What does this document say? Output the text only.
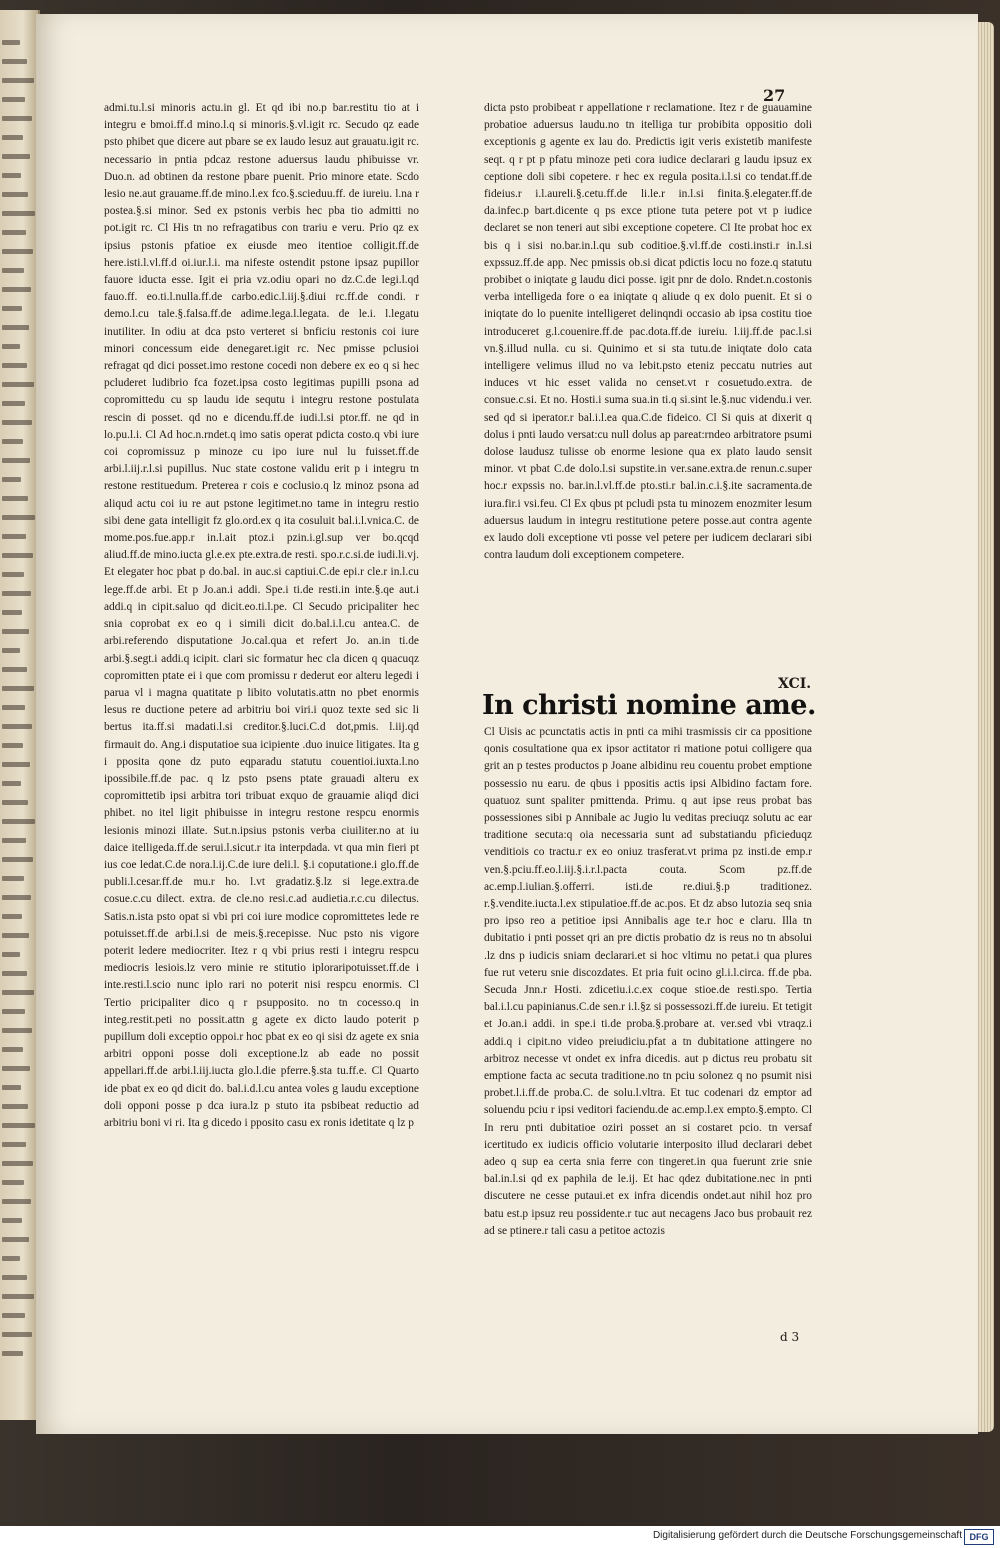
27

admi.tu.l.si minoris actu.in gl. Et qd ibi no.p bar.restitu tio at i integru e bmoi.ff.d mino.l.q si minoris.§.vl.igit rc. Secudo qz eade psto phibet que dicere aut pbare se ex laudo lesuz aut grauatu.igit rc. necessario in pntia pdcaz restone aduersus laudu phibuisse vr. Duo.n. ad obtinen da restone pbare puenit. Prio minore etate. Scdo lesio ne.aut grauame.ff.de mino.l.ex fco.§.scieduu.ff. de iureiu. l.na r postea.§.si minor. Sed ex pstonis verbis hec pba tio admitti no pot.igit rc. Cl His tn no refragatibus con trariu e veru. Prio qz ex ipsius pstonis pfatioe ex eiusde meo itentioe colligit.ff.de here.isti.l.vl.ff.d oi.iur.l.i. ma nifeste ostendit pstone ipsaz pupillor fauore iducta esse. Igit ei pria vz.odiu opari no dz.C.de legi.l.qd fauo.ff. eo.ti.l.nulla.ff.de carbo.edic.l.iij.§.diui rc.ff.de condi. r demo.l.cu tale.§.falsa.ff.de adime.lega.l.legata. de le.i. l.legatu inutiliter. In odiu at dca psto verteret si bnficiu restonis coi iure minori concessum eide denegaret.igit rc. Nec pmisse pclusioi refragat qd dici posset.imo restone cocedi non debere ex eo q si hec pcluderet ludibrio fca fozet.ipsa costo legitimas pupilli psona ad copromittedu cu sp laudu ide sequtu i integru restone postulata rescin di posset. qd no e dicendu.ff.de iudi.l.si ptor.ff. ne qd in lo.pu.l.i. Cl Ad hoc.n.rndet.q imo satis operat pdicta costo.q vbi iure coi copromissuz p minoze cu ipo iure nul lu fuisset.ff.de arbi.l.iij.r.l.si pupillus. Nuc state costone validu erit p i integru tn restone restituedum. Preterea r cois e coclusio.q lz minoz psona ad aliqud actu coi iu re aut pstone legitimet.no tame in integru restio sibi dene gata intelligit fz glo.ord.ex q ita cosuluit bal.i.l.vnica.C. de mome.pos.fue.app.r in.l.ait ptoz.i pzin.i.gl.sup ver bo.qcqd aliud.ff.de mino.iucta gl.e.ex pte.extra.de resti. spo.r.c.si.de iudi.li.vj. Et elegater hoc pbat p do.bal. in auc.si captiui.C.de epi.r cle.r in.l.cu lege.ff.de arbi. Et p Jo.an.i addi. Spe.i ti.de resti.in inte.§.qe aut.i addi.q in cipit.saluo qd dicit.eo.ti.l.pe. Cl Secudo pricipaliter hec snia coprobat ex eo q i simili dicit do.bal.i.l.cu antea.C. de arbi.referendo disputatione Jo.cal.qua et refert Jo. an.in ti.de arbi.§.segt.i addi.q icipit. clari sic formatur hec cla dicen q quacuqz copromitten ptate ei i que com promissu r dederut eor alteru legedi i parua vl i magna quatitate p libito volutatis.attn no pbet enormis lesus re ductione petere ad arbitriu boi viri.i quoz texte sed sic li bertus ita.ff.si madati.l.si creditor.§.luci.C.d dot,pmis. l.iij.qd firmauit do. Ang.i disputatioe sua icipiente .duo inuice litigates. Ita g i pposita qone dz puto eqparadu statutu couentioi.iuxta.l.no ipossibile.ff.de pac. q lz psto psens ptate grauadi alteru ex copromittetib ipsi arbitra tori tribuat exquo de grauamie aliqd dici phibet. no itel ligit phibuisse in integru restone respcu enormis lesionis minozi illate. Sut.n.ipsius pstonis verba ciuiliter.no at iu daice itelligeda.ff.de serui.l.sicut.r ita interpdada. vt qua min fieri pt ius coe ledat.C.de nora.l.ij.C.de iure deli.l. §.i coputatione.i glo.ff.de publi.l.cesar.ff.de mu.r ho. l.vt gradatiz.§.lz si lege.extra.de cosue.c.cu dilect. extra. de cle.no resi.c.ad audietia.r.c.cu dilectus. Satis.n.ista psto opat si vbi pri coi iure modice copromittetes lede re potuisset.ff.de arbi.l.si de meis.§.recepisse. Nuc psto nis vigore poterit ledere mediocriter. Itez r q vbi prius resti i integru respcu mediocris lesiois.lz vero minie re stitutio iploraripotuisset.ff.de i inte.resti.l.scio nunc iplo rari no poterit nisi respcu enormis. Cl Tertio pricipaliter dico q r psupposito. no tn cocesso.q in integ.restit.peti no possit.attn g agete ex dicto laudo poterit p pupillum doli exceptio oppoi.r hoc pbat ex eo qi sisi dz agete ex snia arbitri opponi posse doli exceptione.lz ab eade no possit appellari.ff.de arbi.l.iij.iucta glo.l.die pferre.§.sta tu.ff.e. Cl Quarto ide pbat ex eo qd dicit do. bal.i.d.l.cu antea voles g laudu exceptione doli opponi posse p dca iura.lz p stuto ita psbibeat reductio ad arbitriu boni vi ri. Ita g dicedo i pposito casu ex ronis idetitate q lz p

dicta psto probibeat r appellatione r reclamatione. Itez r de guauamine probatioe aduersus laudu.no tn itelliga tur probibita oppositio doli exceptionis g agente ex lau do. Predictis igit veris existetib manifeste seqt. q r pt p pfatu minoze peti cora iudice declarari g laudu ipsuz ex ceptione doli sibi copetere. r hec ex regula posita.i.l.si co tendat.ff.de fideius.r i.l.aureli.§.cetu.ff.de li.le.r in.l.si finita.§.elegater.ff.de da.infec.p bart.dicente q ps exce ptione tuta petere pot vt p iudice declaret se non teneri aut sibi exceptione copetere. Cl Ite probat hoc ex bis q i sisi no.bar.in.l.qu sub coditioe.§.vl.ff.de costi.insti.r in.l.si expssuz.ff.de app. Nec pmissis ob.si dicat pdictis locu no foze.q statutu probibet o iniqtate g laudu dici posse. igit pnr de dolo. Rndet.n.costonis verba intelligeda fore o ea iniqtate q aliude q ex dolo puenit. Et si o iniqtate do lo puenite intelligeret delinqndi occasio ab ipsa costitu tioe introduceret g.l.couenire.ff.de pac.dota.ff.de iureiu. l.iij.ff.de pac.l.si vn.§.illud nulla. cu si. Quinimo et si sta tutu.de iniqtate dolo cata intelligere velimus illud no va lebit.psto eteniz peccatu nutries aut induces vt hic esset valida no censet.vt r cosuetudo.extra. de consue.c.si. Et no. Hosti.i suma sua.in ti.q si.sint le.§.nuc videndu.i ver. sed qd si iperator.r bal.i.l.ea qua.C.de fideico. Cl Si quis at dixerit q dolus i pnti laudo versat:cu null dolus ap pareat:rndeo arbitratore psumi dolose laudusz tulisse ob enorme lesione qua ex plato laudo sensit minor. vt pbat C.de dolo.l.si supstite.in ver.sane.extra.de renun.c.super hoc.r expssis no. bar.in.l.vl.ff.de pto.sti.r bal.in.c.i.§.ite sacramenta.de iura.fir.i vsi.feu. Cl Ex qbus pt pcludi psta tu minozem enozmiter lesum aduersus laudum in integru restitutione petere posse.aut contra agente ex laudo doli exceptione vti posse vel petere per iudicem declarari sibi contra laudum doli exceptionem competere.

XCI.
In christi nomine ame.

Cl Uisis ac pcunctatis actis in pnti ca mihi trasmissis cir ca ppositione qonis cosultatione qua ex ipsor actitator ri matione potui colligere qua grit an p testes productos p Joane albidinu reu couentu probet emptione possessio nu earu. de qbus i ppositis actis ipsi Albidino factam fore. quatuoz sunt spaliter pmittenda. Primu. q aut ipse reus probat bas possessiones sibi p Annibale ac Jugio lu veditas preciuqz solutu ac ear traditione secuta:q oia necessaria sunt ad substatiandu pficieduqz venditiois co tractu.r ex eo oniuz trasferat.vt prima pz insti.de emp.r ven.§.pciu.ff.eo.l.iij.§.i.r.l.pacta couta. Scom pz.ff.de ac.emp.l.iulian.§.offerri. isti.de re.diui.§.p traditionez. r.§.vendite.iucta.l.ex stipulatioe.ff.de ac.pos. Et dz abso lutozia seq snia pro ipso reo a petitioe ipsi Annibalis age te.r hoc e claru. Illa tn dubitatio i pnti posset qri an pre dictis probatio dz is reus no tn absolui .lz dns p iudicis sniam declarari.et si hoc vltimu no petat.i qua plures fue rut veteru snie discozdates. Et pria fuit ocino gl.i.l.circa. ff.de pba. Secuda Jnn.r Hosti. zdicetiu.i.c.ex coque stioe.de resti.spo. Tertia bal.i.l.cu papinianus.C.de sen.r i.l.§z si possessozi.ff.de iureiu. Et tetigit et Jo.an.i addi. in spe.i ti.de proba.§.probare at. ver.sed vbi vtraqz.i addi.q i cipit.no video preiudiciu.pfat a tn dubitatione attingere no arbitroz necesse vt ondet ex infra dicedis. aut p dictus reu probatu sit emptione facta ac secuta traditione.no tn pciu solonez q no psumit nisi probet.l.i.ff.de proba.C. de solu.l.vltra. Et tuc codenari dz emptor ad soluendu pciu r ipsi veditori faciendu.de ac.emp.l.ex empto.§.empto. Cl In reru pnti dubitatioe oziri posset an si costaret pcio. tn versaf icertitudo ex iudicis officio volutarie interposito illud declarari debet adeo q sup ea certa snia ferre con tingeret.in qua fuerunt zrie snie bal.in.l.si qd ex paphila de le.ij. Et hac qdez dubitatione.nec in pnti discutere ne cesse putaui.et ex infra dicendis ondet.aut nihil hoz pro batu est.p ipsuz reu possidente.r tuc aut necagens Jaco bus probauit rez ad se ptinere.r tali casu a petitoe actozis

d 3
Digitalisierung gefördert durch die Deutsche Forschungsgemeinschaft DFG
